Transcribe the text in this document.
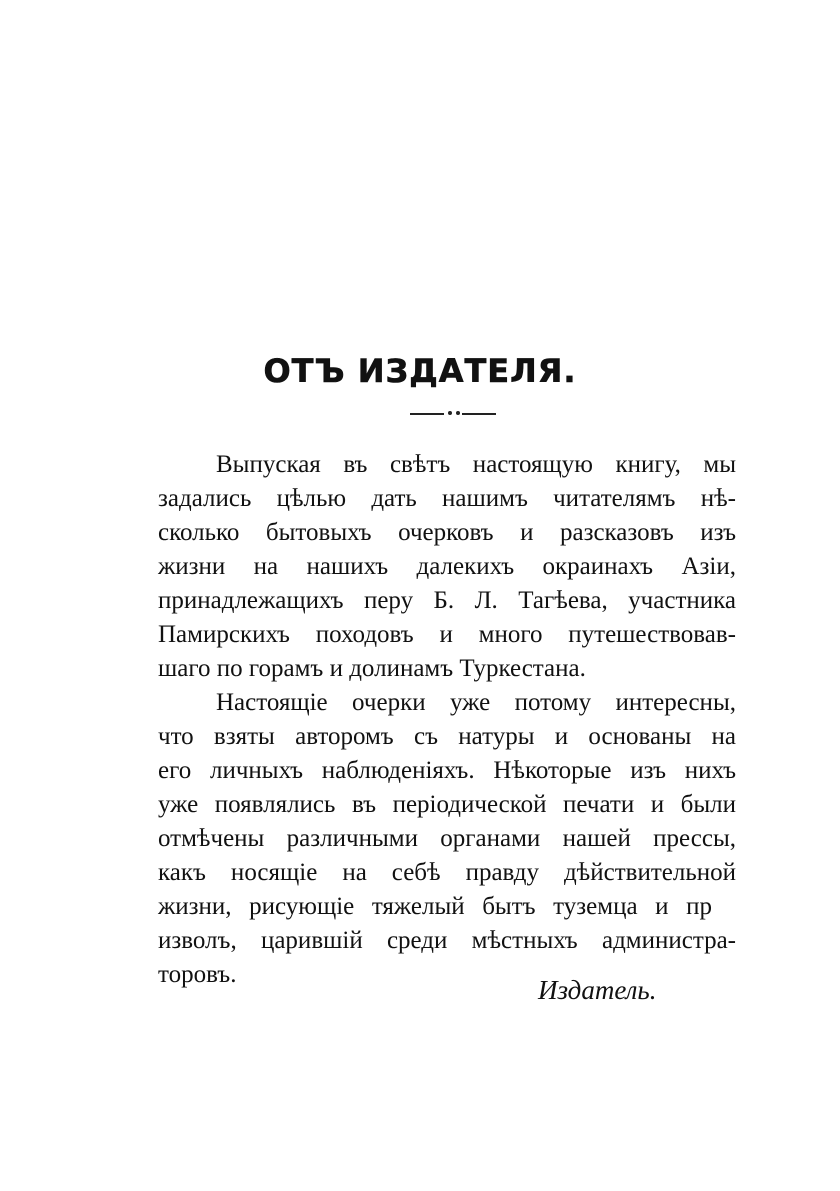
ОТЪ ИЗДАТЕЛЯ.
Выпуская въ свѣтъ настоящую книгу, мы
задались цѣлью дать нашимъ читателямъ нѣ-
сколько бытовыхъ очерковъ и разсказовъ изъ
жизни на нашихъ далекихъ окраинахъ Азіи,
принадлежащихъ перу Б. Л. Тагѣева, участника
Памирскихъ походовъ и много путешествовав-
шаго по горамъ и долинамъ Туркестана.
Настоящіе очерки уже потому интересны,
что взяты авторомъ съ натуры и основаны на
его личныхъ наблюденіяхъ. Нѣкоторые изъ нихъ
уже появлялись въ періодической печати и были
отмѣчены различными органами нашей прессы,
какъ носящіе на себѣ правду дѣйствительной
жизни, рисующіе тяжелый бытъ туземца и пр
изволъ, царившій среди мѣстныхъ администра-
торовъ.
Издатель.
